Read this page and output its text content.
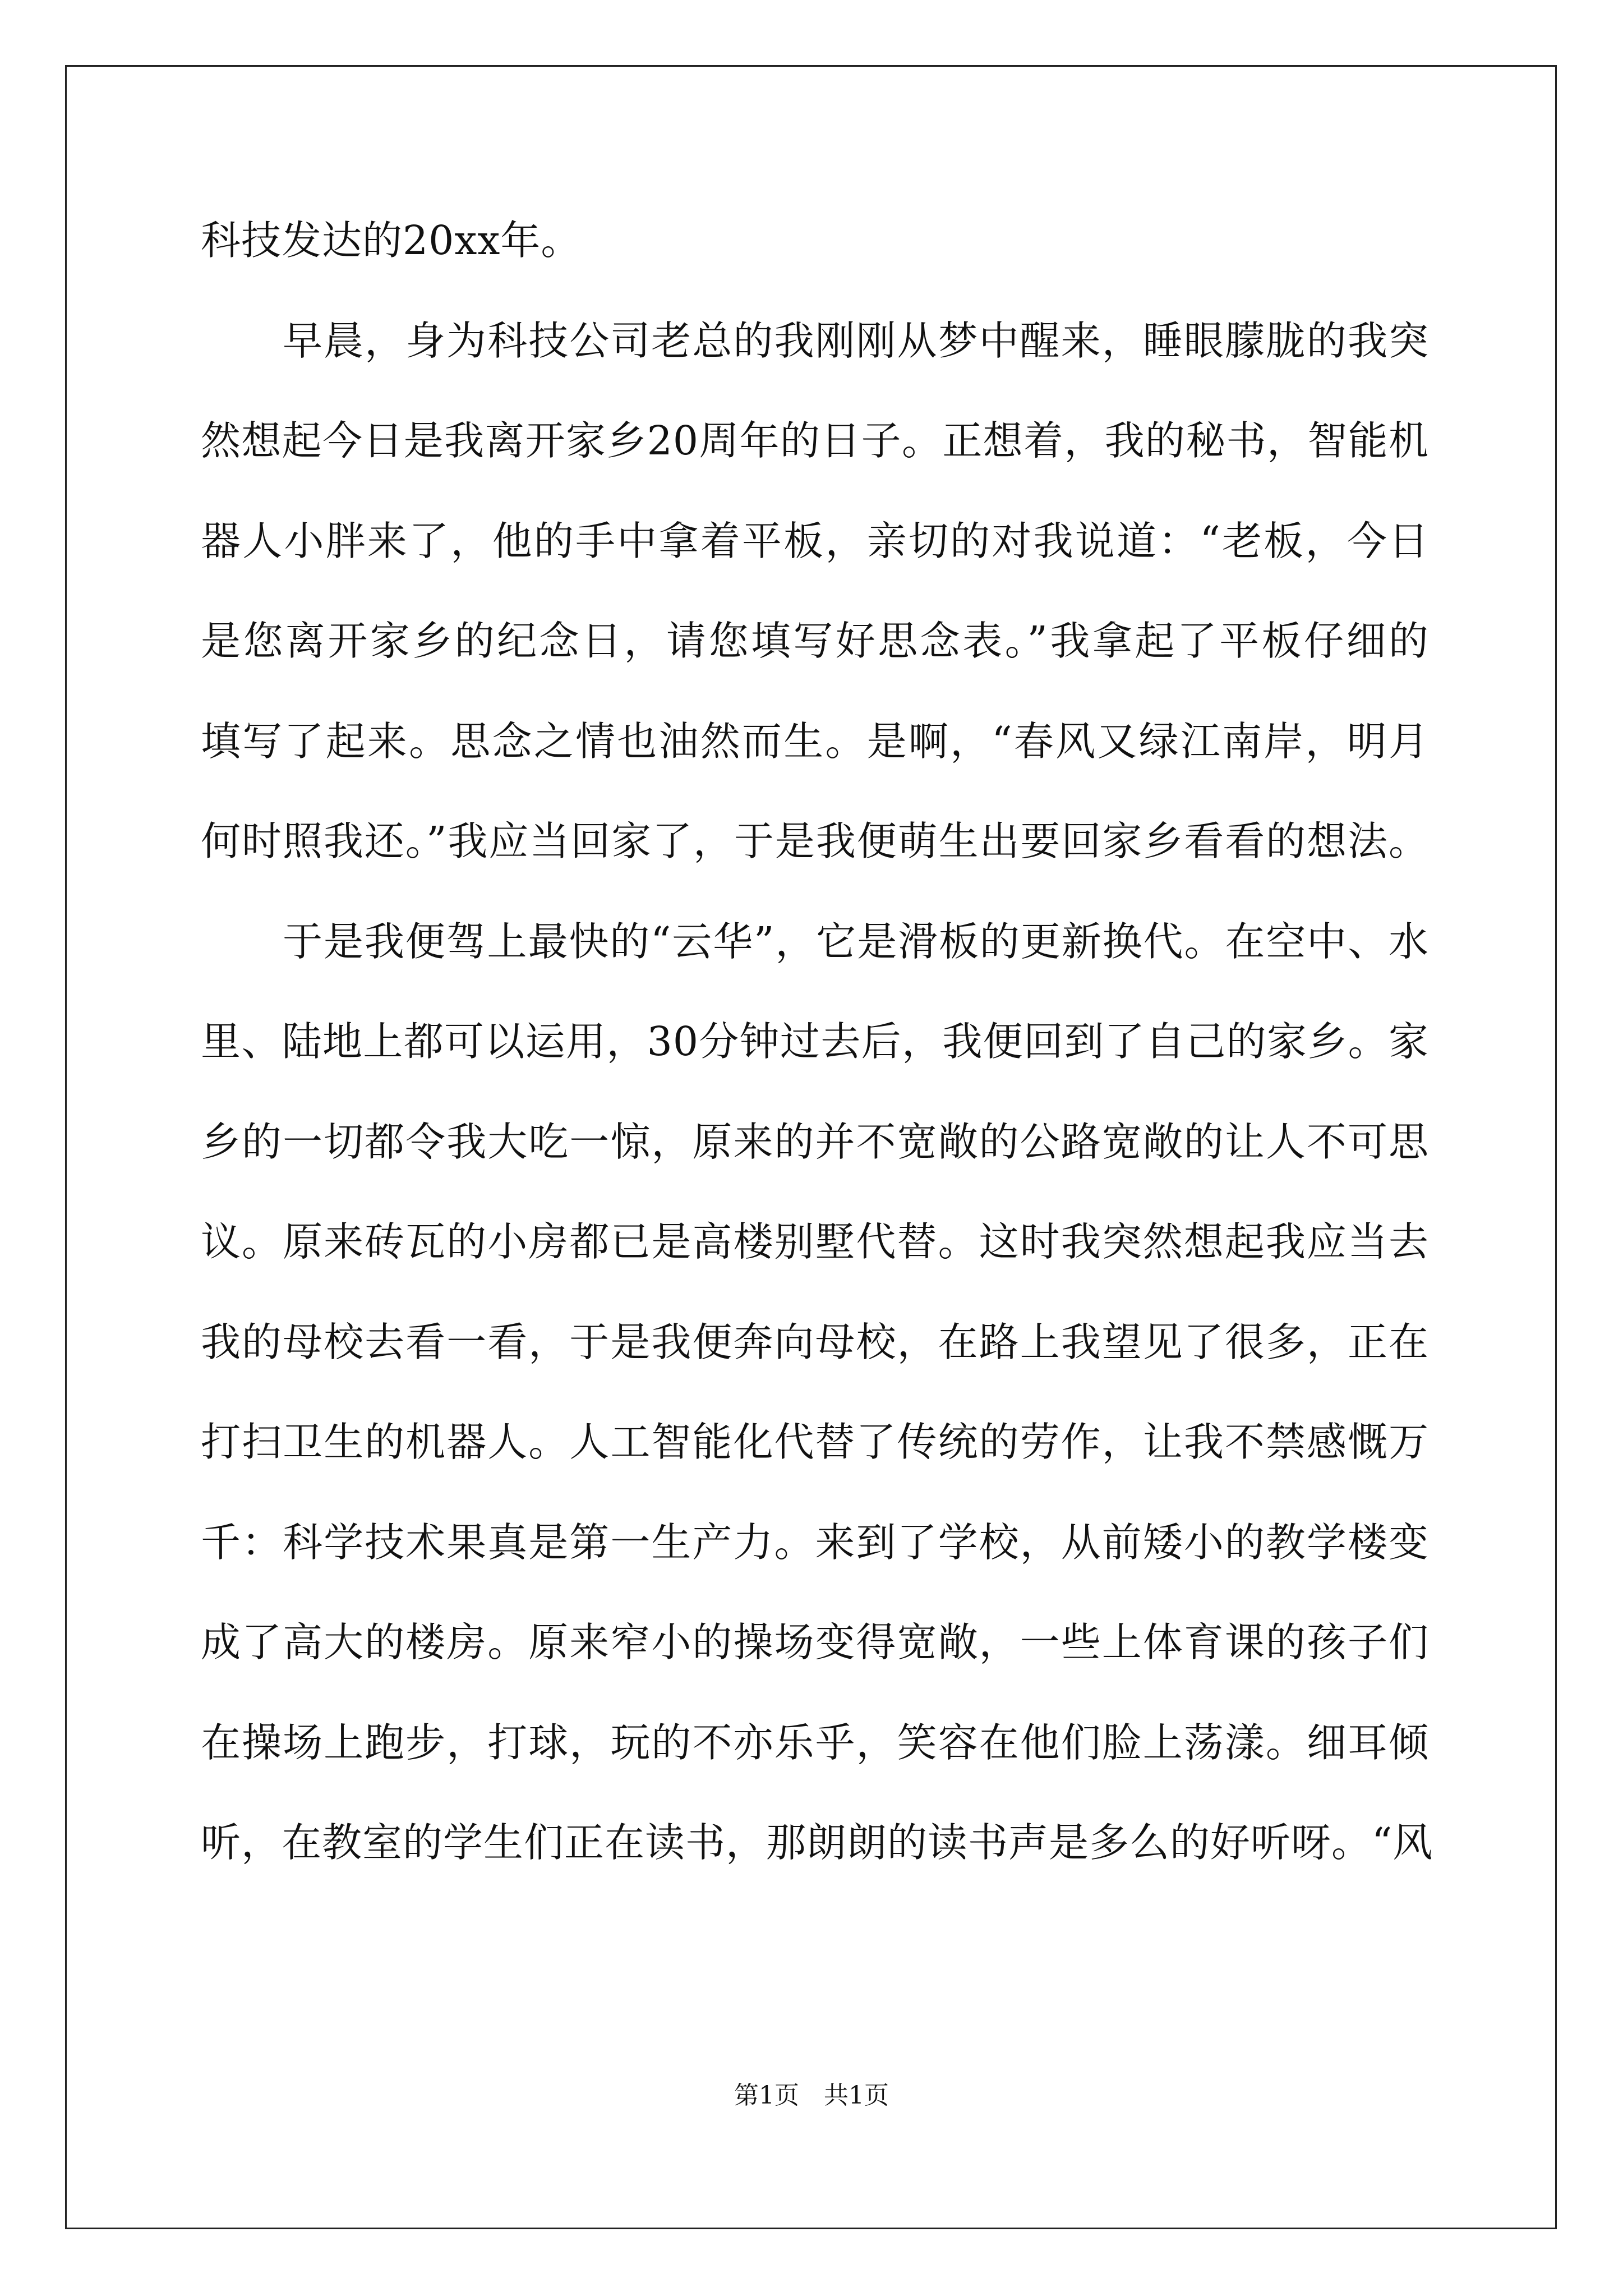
科技发达的20xx年。
早晨，身为科技公司老总的我刚刚从梦中醒来，睡眼朦胧的我突
然想起今日是我离开家乡20周年的日子。正想着，我的秘书，智能机
器人小胖来了，他的手中拿着平板，亲切的对我说道：“老板，今日
是您离开家乡的纪念日，请您填写好思念表。”我拿起了平板仔细的
填写了起来。思念之情也油然而生。是啊，“春风又绿江南岸，明月
何时照我还。”我应当回家了，于是我便萌生出要回家乡看看的想法。
于是我便驾上最快的“云华”，它是滑板的更新换代。在空中、水
里、陆地上都可以运用，30分钟过去后，我便回到了自己的家乡。家
乡的一切都令我大吃一惊，原来的并不宽敞的公路宽敞的让人不可思
议。原来砖瓦的小房都已是高楼别墅代替。这时我突然想起我应当去
我的母校去看一看，于是我便奔向母校，在路上我望见了很多，正在
打扫卫生的机器人。人工智能化代替了传统的劳作，让我不禁感慨万
千：科学技术果真是第一生产力。来到了学校，从前矮小的教学楼变
成了高大的楼房。原来窄小的操场变得宽敞，一些上体育课的孩子们
在操场上跑步，打球，玩的不亦乐乎，笑容在他们脸上荡漾。细耳倾
听，在教室的学生们正在读书，那朗朗的读书声是多么的好听呀。“风
第1页　共1页
